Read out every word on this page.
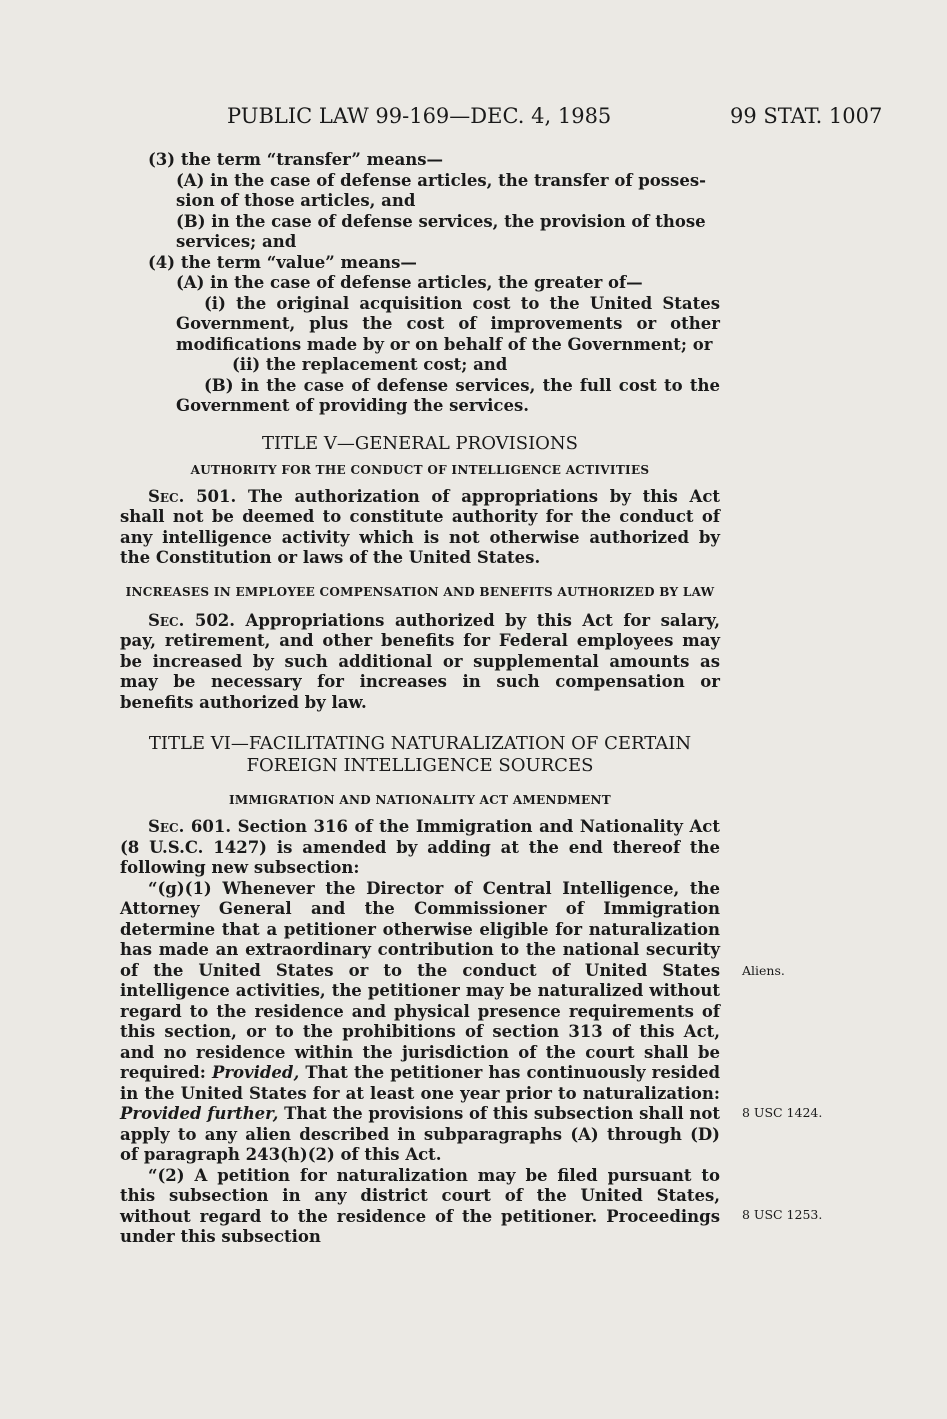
PUBLIC LAW 99-169—DEC. 4, 1985	99 STAT. 1007

(3) the term “transfer” means—

(A) in the case of defense articles, the transfer of posses-

sion of those articles, and

(B) in the case of defense services, the provision of those

services; and

(4) the term “value” means—

(A) in the case of defense articles, the greater of—

(i) the original acquisition cost to the United States Government, plus the cost of improvements or other modifications made by or on behalf of the Government; or

(ii) the replacement cost; and

(B) in the case of defense services, the full cost to the Government of providing the services.

TITLE V—GENERAL PROVISIONS

AUTHORITY FOR THE CONDUCT OF INTELLIGENCE ACTIVITIES

Sec. 501. The authorization of appropriations by this Act shall not be deemed to constitute authority for the conduct of any intelligence activity which is not otherwise authorized by the Constitution or laws of the United States.

INCREASES IN EMPLOYEE COMPENSATION AND BENEFITS AUTHORIZED BY LAW

Sec. 502. Appropriations authorized by this Act for salary, pay, retirement, and other benefits for Federal employees may be increased by such additional or supplemental amounts as may be necessary for increases in such compensation or benefits authorized by law.

TITLE VI—FACILITATING NATURALIZATION OF CERTAIN FOREIGN INTELLIGENCE SOURCES

IMMIGRATION AND NATIONALITY ACT AMENDMENT

Sec. 601. Section 316 of the Immigration and Nationality Act (8 U.S.C. 1427) is amended by adding at the end thereof the following new subsection:

“(g)(1) Whenever the Director of Central Intelligence, the Attorney General and the Commissioner of Immigration determine that a petitioner otherwise eligible for naturalization has made an extraordinary contribution to the national security of the United States or to the conduct of United States intelligence activities, the petitioner may be naturalized without regard to the residence and physical presence requirements of this section, or to the prohibitions of section 313 of this Act, and no residence within the jurisdiction of the court shall be required: Provided, That the petitioner has continuously resided in the United States for at least one year prior to naturalization: Provided further, That the provisions of this subsection shall not apply to any alien described in subparagraphs (A) through (D) of paragraph 243(h)(2) of this Act.

“(2) A petition for naturalization may be filed pursuant to this subsection in any district court of the United States, without regard to the residence of the petitioner. Proceedings under this subsection

Aliens.
8 USC 1424.
8 USC 1253.
